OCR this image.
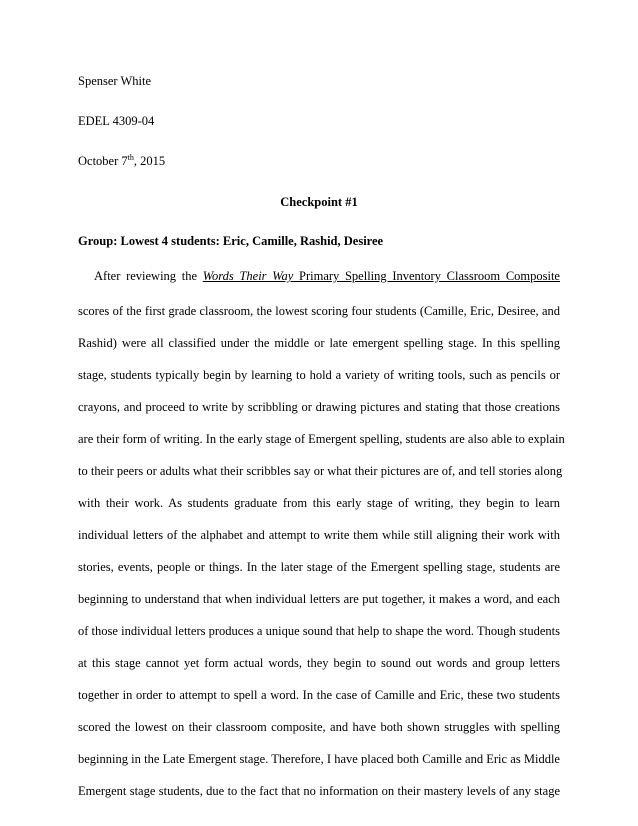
Spenser White
EDEL 4309-04
October 7th, 2015
Checkpoint #1
Group: Lowest 4 students: Eric, Camille, Rashid, Desiree
After reviewing the Words Their Way Primary Spelling Inventory Classroom Composite
scores of the first grade classroom, the lowest scoring four students (Camille, Eric, Desiree, and
Rashid) were all classified under the middle or late emergent spelling stage. In this spelling
stage, students typically begin by learning to hold a variety of writing tools, such as pencils or
crayons, and proceed to write by scribbling or drawing pictures and stating that those creations
are their form of writing. In the early stage of Emergent spelling, students are also able to explain
to their peers or adults what their scribbles say or what their pictures are of, and tell stories along
with their work. As students graduate from this early stage of writing, they begin to learn
individual letters of the alphabet and attempt to write them while still aligning their work with
stories, events, people or things. In the later stage of the Emergent spelling stage, students are
beginning to understand that when individual letters are put together, it makes a word, and each
of those individual letters produces a unique sound that help to shape the word. Though students
at this stage cannot yet form actual words, they begin to sound out words and group letters
together in order to attempt to spell a word. In the case of Camille and Eric, these two students
scored the lowest on their classroom composite, and have both shown struggles with spelling
beginning in the Late Emergent stage. Therefore, I have placed both Camille and Eric as Middle
Emergent stage students, due to the fact that no information on their mastery levels of any stage
